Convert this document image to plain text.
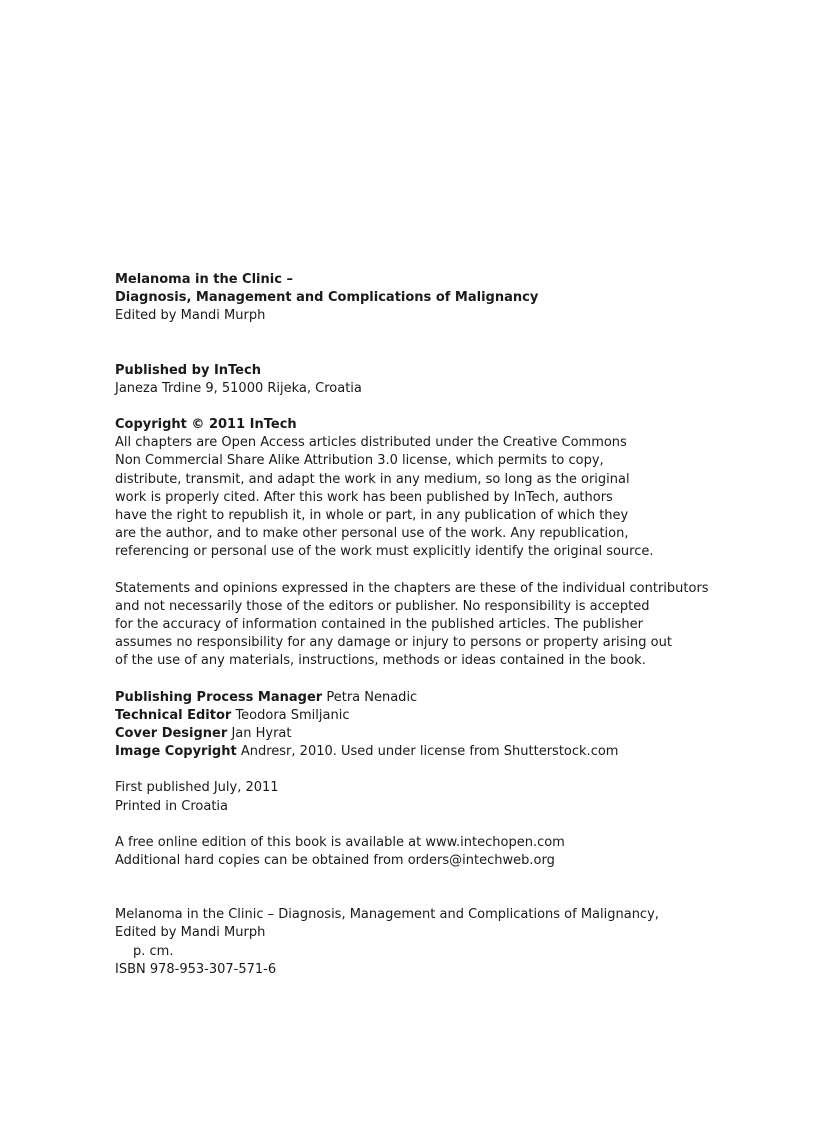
Melanoma in the Clinic –
Diagnosis, Management and Complications of Malignancy
Edited by Mandi Murph
Published by InTech
Janeza Trdine 9, 51000 Rijeka, Croatia
Copyright © 2011 InTech
All chapters are Open Access articles distributed under the Creative Commons
Non Commercial Share Alike Attribution 3.0 license, which permits to copy,
distribute, transmit, and adapt the work in any medium, so long as the original
work is properly cited. After this work has been published by InTech, authors
have the right to republish it, in whole or part, in any publication of which they
are the author, and to make other personal use of the work. Any republication,
referencing or personal use of the work must explicitly identify the original source.
Statements and opinions expressed in the chapters are these of the individual contributors
and not necessarily those of the editors or publisher. No responsibility is accepted
for the accuracy of information contained in the published articles. The publisher
assumes no responsibility for any damage or injury to persons or property arising out
of the use of any materials, instructions, methods or ideas contained in the book.
Publishing Process Manager Petra Nenadic
Technical Editor Teodora Smiljanic
Cover Designer Jan Hyrat
Image Copyright Andresr, 2010. Used under license from Shutterstock.com
First published July, 2011
Printed in Croatia
A free online edition of this book is available at www.intechopen.com
Additional hard copies can be obtained from orders@intechweb.org
Melanoma in the Clinic – Diagnosis, Management and Complications of Malignancy,
Edited by Mandi Murph
p. cm.
ISBN 978-953-307-571-6
